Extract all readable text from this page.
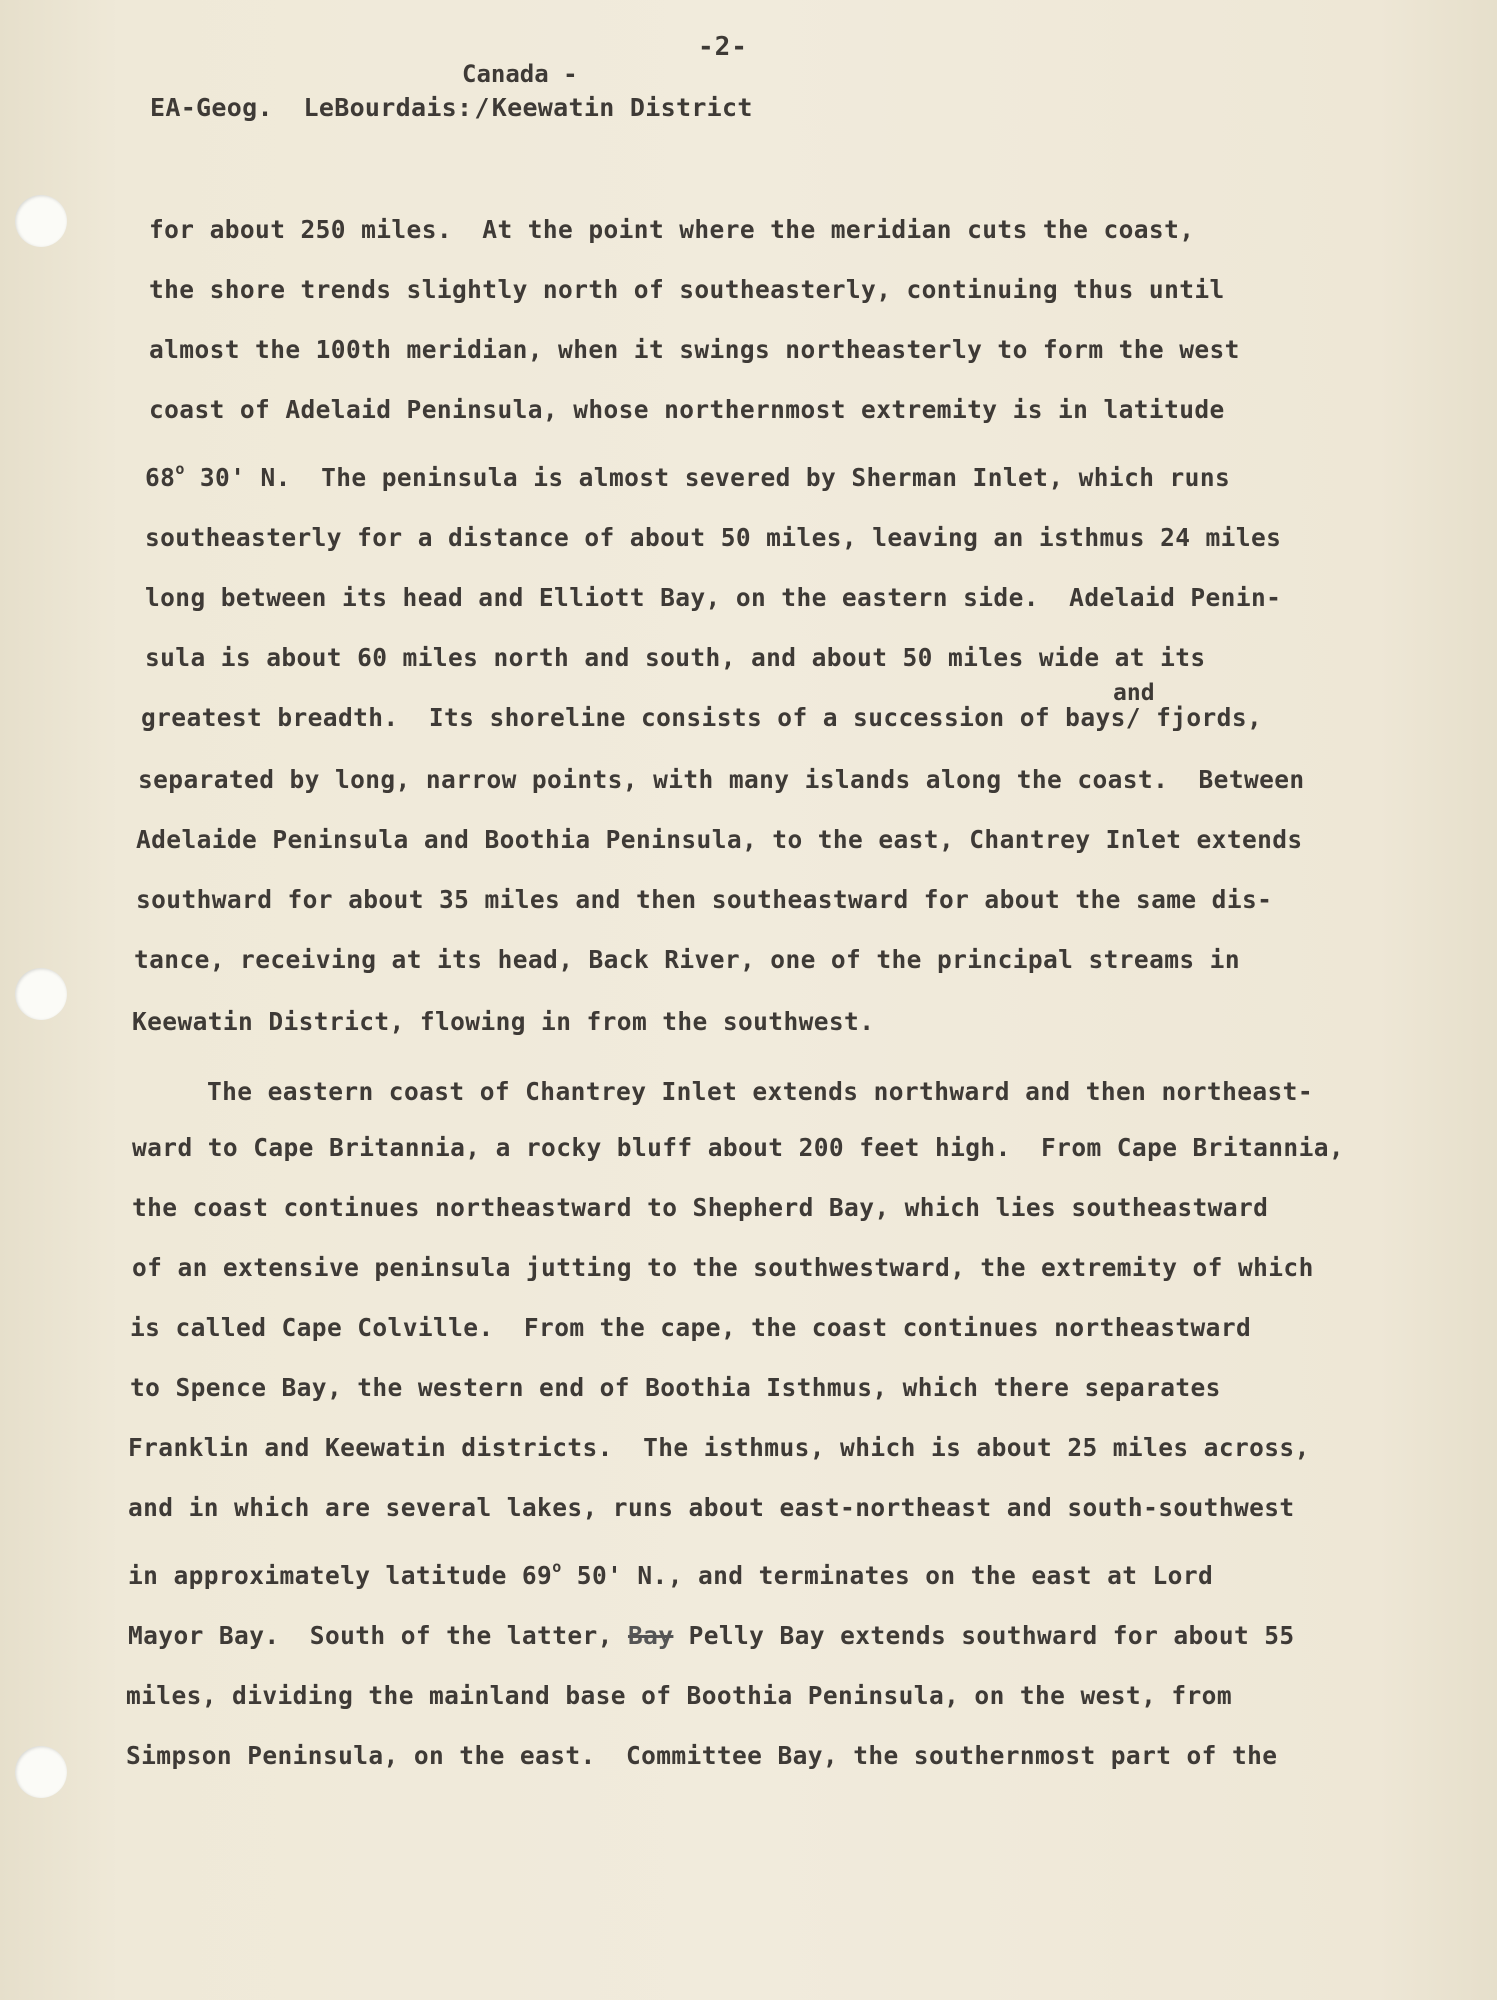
-2-
Canada -
EA-Geog. LeBourdais:/Keewatin District
for about 250 miles.  At the point where the meridian cuts the coast,
the shore trends slightly north of southeasterly, continuing thus until
almost the 100th meridian, when it swings northeasterly to form the west
coast of Adelaid Peninsula, whose northernmost extremity is in latitude
68$^o$ 30' N.  The peninsula is almost severed by Sherman Inlet, which runs
southeasterly for a distance of about 50 miles, leaving an isthmus 24 miles
long between its head and Elliott Bay, on the eastern side.  Adelaid Penin-
sula is about 60 miles north and south, and about 50 miles wide at its
and
greatest breadth.  Its shoreline consists of a succession of bays/ fjords,
separated by long, narrow points, with many islands along the coast.  Between
Adelaide Peninsula and Boothia Peninsula, to the east, Chantrey Inlet extends
southward for about 35 miles and then southeastward for about the same dis-
tance, receiving at its head, Back River, one of the principal streams in
Keewatin District, flowing in from the southwest.
The eastern coast of Chantrey Inlet extends northward and then northeast-
ward to Cape Britannia, a rocky bluff about 200 feet high.  From Cape Britannia,
the coast continues northeastward to Shepherd Bay, which lies southeastward
of an extensive peninsula jutting to the southwestward, the extremity of which
is called Cape Colville.  From the cape, the coast continues northeastward
to Spence Bay, the western end of Boothia Isthmus, which there separates
Franklin and Keewatin districts.  The isthmus, which is about 25 miles across,
and in which are several lakes, runs about east-northeast and south-southwest
in approximately latitude 69$^o$ 50' N., and terminates on the east at Lord
Mayor Bay.  South of the latter, Bay Pelly Bay extends southward for about 55
miles, dividing the mainland base of Boothia Peninsula, on the west, from
Simpson Peninsula, on the east.  Committee Bay, the southernmost part of the
